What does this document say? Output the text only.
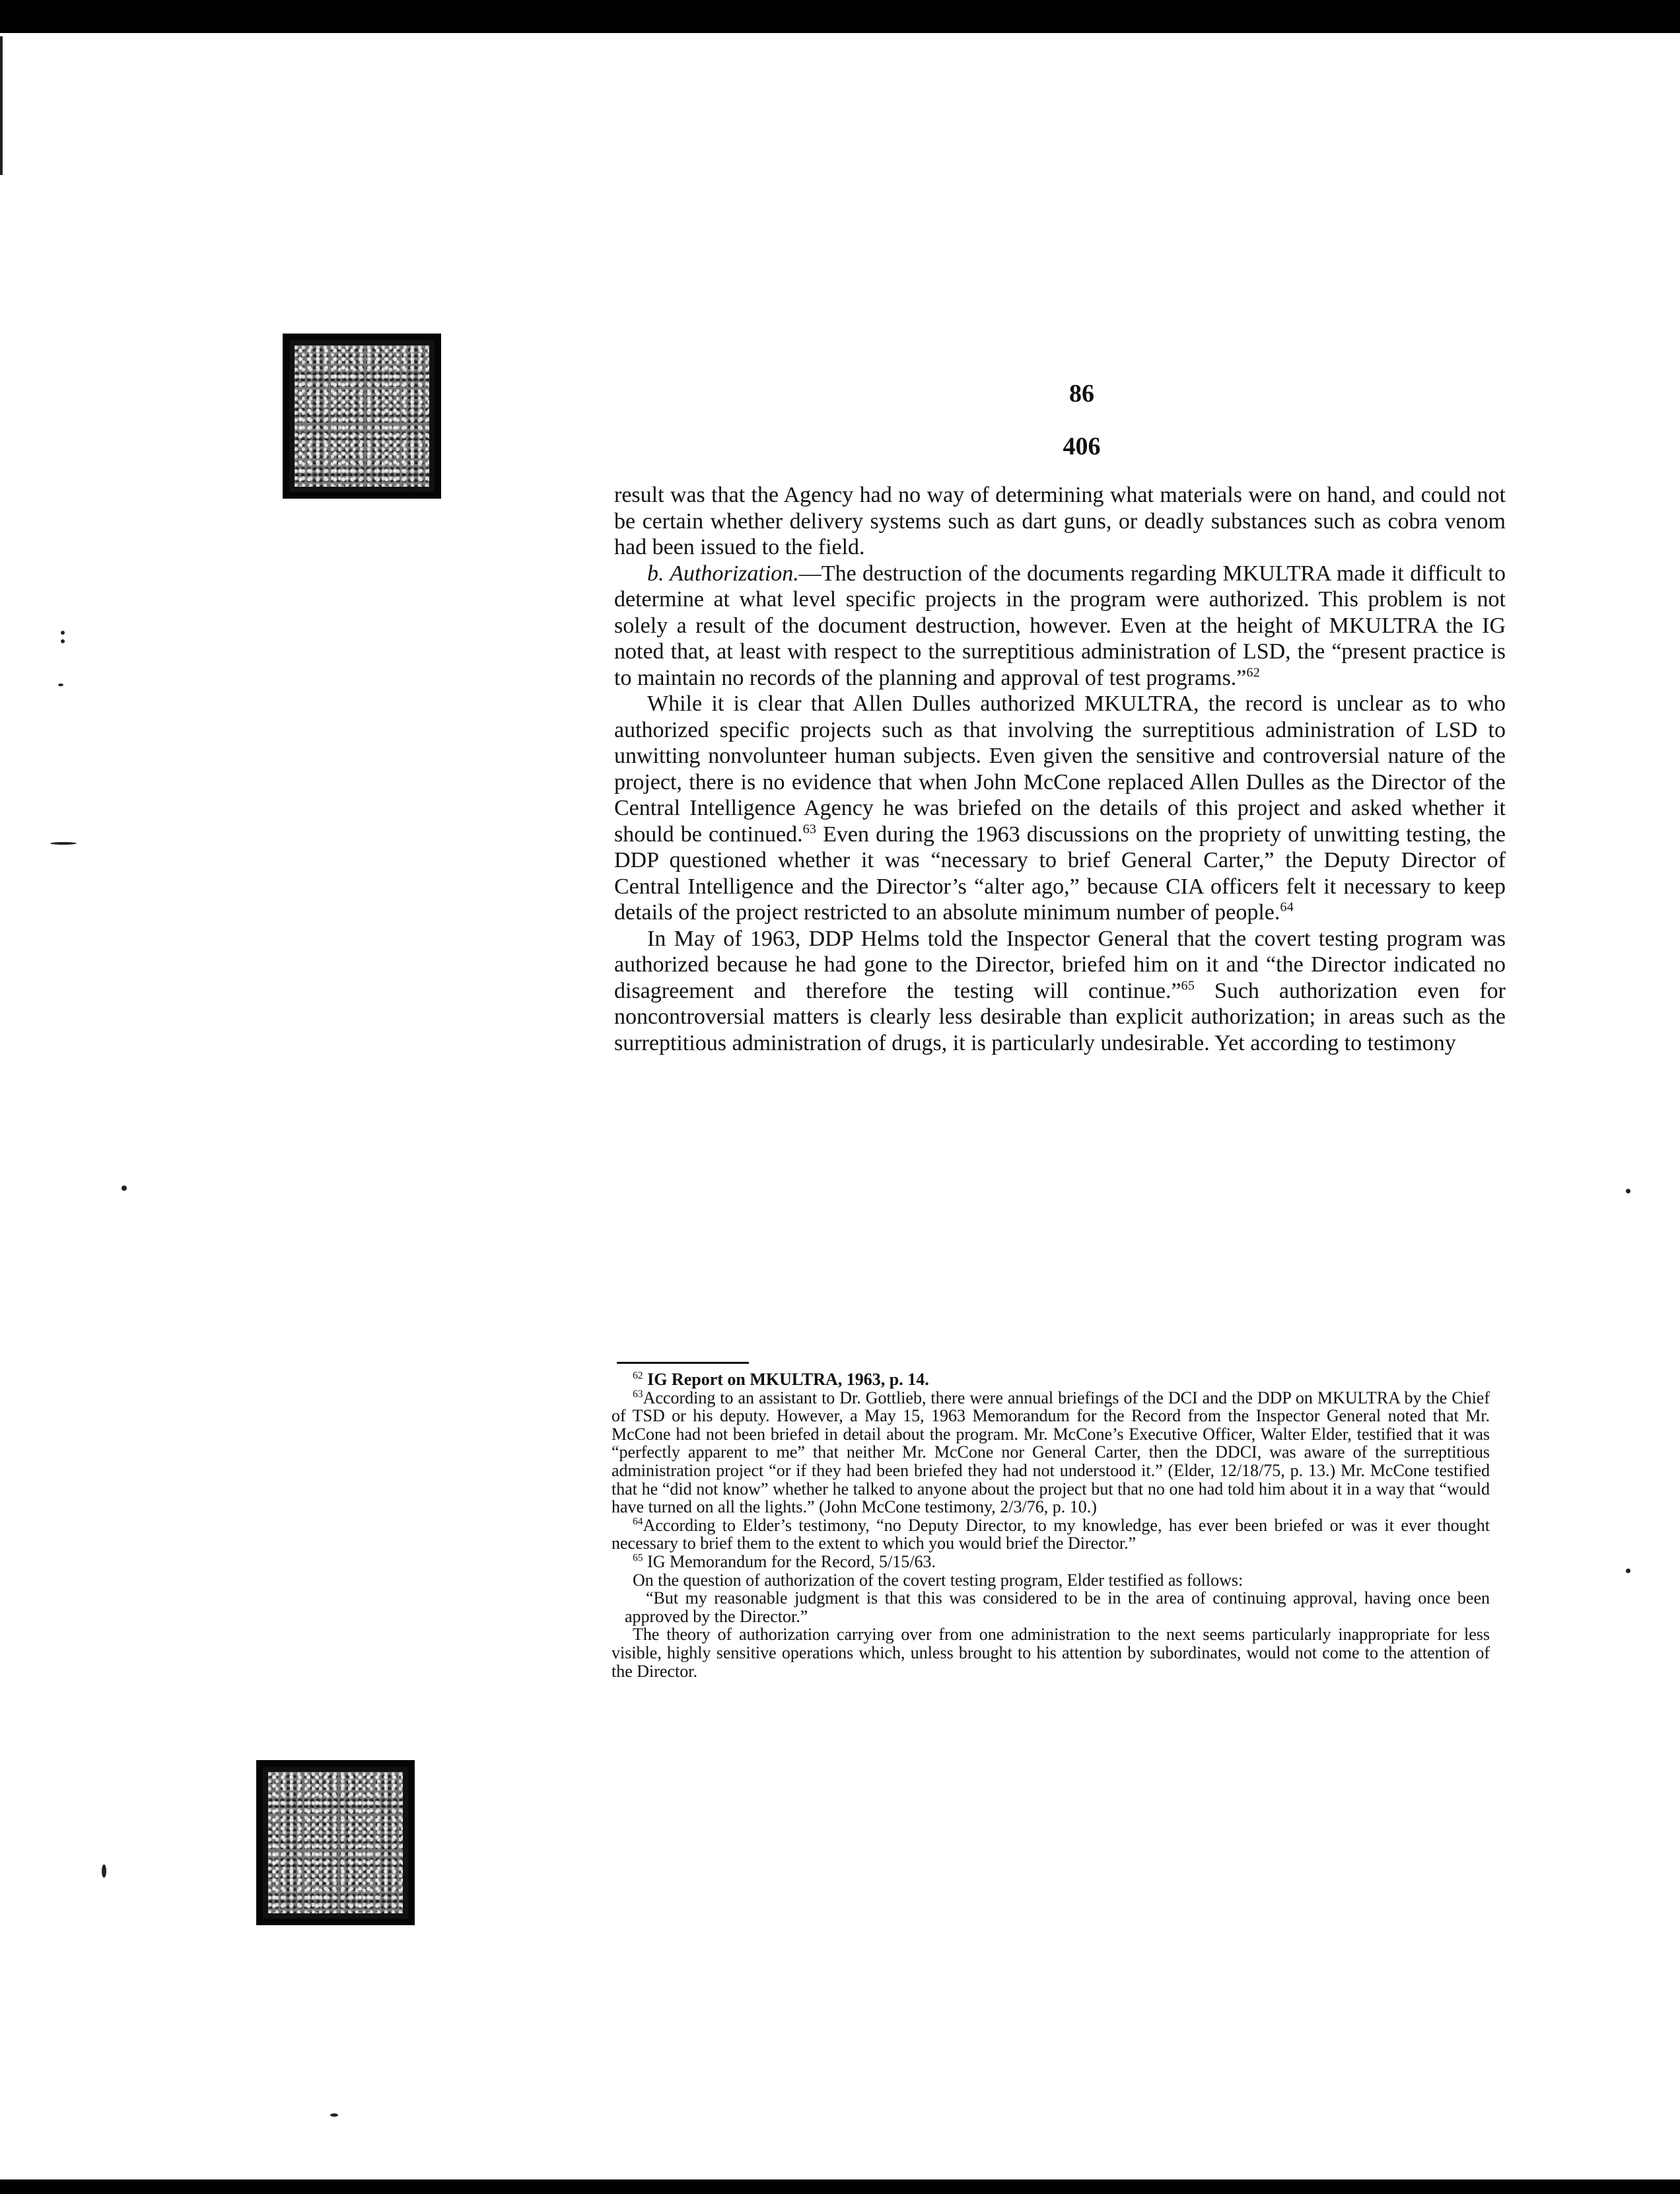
86
406

result was that the Agency had no way of determining what materials were on hand, and could not be certain whether delivery systems such as dart guns, or deadly substances such as cobra venom had been issued to the field.

b. Authorization.—The destruction of the documents regarding MKULTRA made it difficult to determine at what level specific projects in the program were authorized. This problem is not solely a result of the document destruction, however. Even at the height of MKULTRA the IG noted that, at least with respect to the surreptitious administration of LSD, the “present practice is to maintain no records of the planning and approval of test programs.”$^{62}$

While it is clear that Allen Dulles authorized MKULTRA, the record is unclear as to who authorized specific projects such as that involving the surreptitious administration of LSD to unwitting nonvolunteer human subjects. Even given the sensitive and controversial nature of the project, there is no evidence that when John McCone replaced Allen Dulles as the Director of the Central Intelligence Agency he was briefed on the details of this project and asked whether it should be continued.$^{63}$ Even during the 1963 discussions on the propriety of unwitting testing, the DDP questioned whether it was “necessary to brief General Carter,” the Deputy Director of Central Intelligence and the Director’s “alter ago,” because CIA officers felt it necessary to keep details of the project restricted to an absolute minimum number of people.$^{64}$

In May of 1963, DDP Helms told the Inspector General that the covert testing program was authorized because he had gone to the Director, briefed him on it and “the Director indicated no disagreement and therefore the testing will continue.”$^{65}$ Such authorization even for noncontroversial matters is clearly less desirable than explicit authorization; in areas such as the surreptitious administration of drugs, it is particularly undesirable. Yet according to testimony

$^{62}$ IG Report on MKULTRA, 1963, p. 14.

$^{63}$According to an assistant to Dr. Gottlieb, there were annual briefings of the DCI and the DDP on MKULTRA by the Chief of TSD or his deputy. However, a May 15, 1963 Memorandum for the Record from the Inspector General noted that Mr. McCone had not been briefed in detail about the program. Mr. McCone’s Executive Officer, Walter Elder, testified that it was “perfectly apparent to me” that neither Mr. McCone nor General Carter, then the DDCI, was aware of the surreptitious administration project “or if they had been briefed they had not understood it.” (Elder, 12/18/75, p. 13.) Mr. McCone testified that he “did not know” whether he talked to anyone about the project but that no one had told him about it in a way that “would have turned on all the lights.” (John McCone testimony, 2/3/76, p. 10.)

$^{64}$According to Elder’s testimony, “no Deputy Director, to my knowledge, has ever been briefed or was it ever thought necessary to brief them to the extent to which you would brief the Director.”

$^{65}$ IG Memorandum for the Record, 5/15/63.

On the question of authorization of the covert testing program, Elder testified as follows:

“But my reasonable judgment is that this was considered to be in the area of continuing approval, having once been approved by the Director.”

The theory of authorization carrying over from one administration to the next seems particularly inappropriate for less visible, highly sensitive operations which, unless brought to his attention by subordinates, would not come to the attention of the Director.
